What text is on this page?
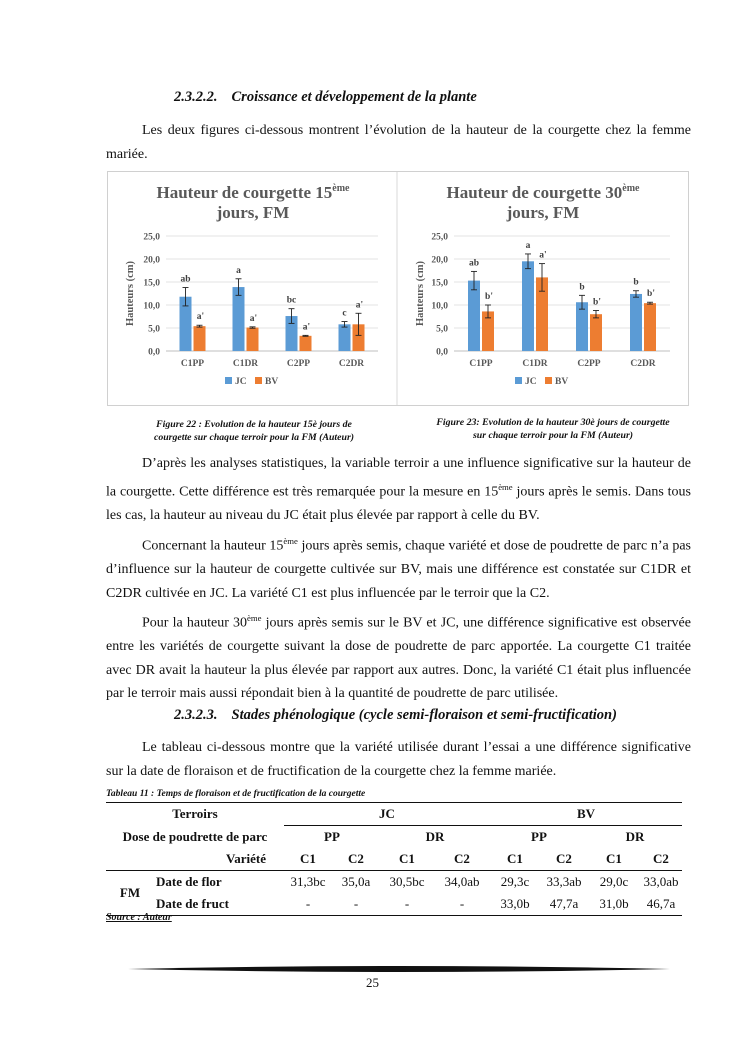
2.3.2.2. Croissance et développement de la plante
Les deux figures ci-dessous montrent l’évolution de la hauteur de la courgette chez la femme mariée.
Hauteur de courgette 15ème
jours, FM
Hauteurs (cm)
0,0
5,0
10,0
15,0
20,0
25,0
ab
a'
C1PP
a
a'
C1DR
bc
a'
C2PP
c
a'
C2DR
JC BV
Hauteur de courgette 30ème
jours, FM
Hauteurs (cm)
0,0
5,0
10,0
15,0
20,0
25,0
ab
b'
C1PP
a
a'
C1DR
b
b'
C2PP
b
b'
C2DR
JC BV
Figure 22 : Evolution de la hauteur 15è jours de
courgette sur chaque terroir pour la FM (Auteur)
Figure 23: Evolution de la hauteur 30è jours de courgette
sur chaque terroir pour la FM (Auteur)
D’après les analyses statistiques, la variable terroir a une influence significative sur la hauteur de la courgette. Cette différence est très remarquée pour la mesure en 15ème jours après le semis. Dans tous les cas, la hauteur au niveau du JC était plus élevée par rapport à celle du BV.
Concernant la hauteur 15ème jours après semis, chaque variété et dose de poudrette de parc n’a pas d’influence sur la hauteur de courgette cultivée sur BV, mais une différence est constatée sur C1DR et C2DR cultivée en JC. La variété C1 est plus influencée par le terroir que la C2.
Pour la hauteur 30ème jours après semis sur le BV et JC, une différence significative est observée entre les variétés de courgette suivant la dose de poudrette de parc apportée. La courgette C1 traitée avec DR avait la hauteur la plus élevée par rapport aux autres. Donc, la variété C1 était plus influencée par le terroir mais aussi répondait bien à la quantité de poudrette de parc utilisée.
2.3.2.3. Stades phénologique (cycle semi-floraison et semi-fructification)
Le tableau ci-dessous montre que la variété utilisée durant l’essai a une différence significative sur la date de floraison et de fructification de la courgette chez la femme mariée.
Tableau 11 : Temps de floraison et de fructification de la courgette
Terroirs		JC				BV			
Dose de poudrette de parc		PP		DR		PP		DR	
Variété		C1	C2	C1	C2	C1	C2	C1	C2
FM	Date de flor	31,3bc	35,0a	30,5bc	34,0ab	29,3c	33,3ab	29,0c	33,0ab
	Date de fruct	-	-	-	-	33,0b	47,7a	31,0b	46,7a
Source : Auteur
25
